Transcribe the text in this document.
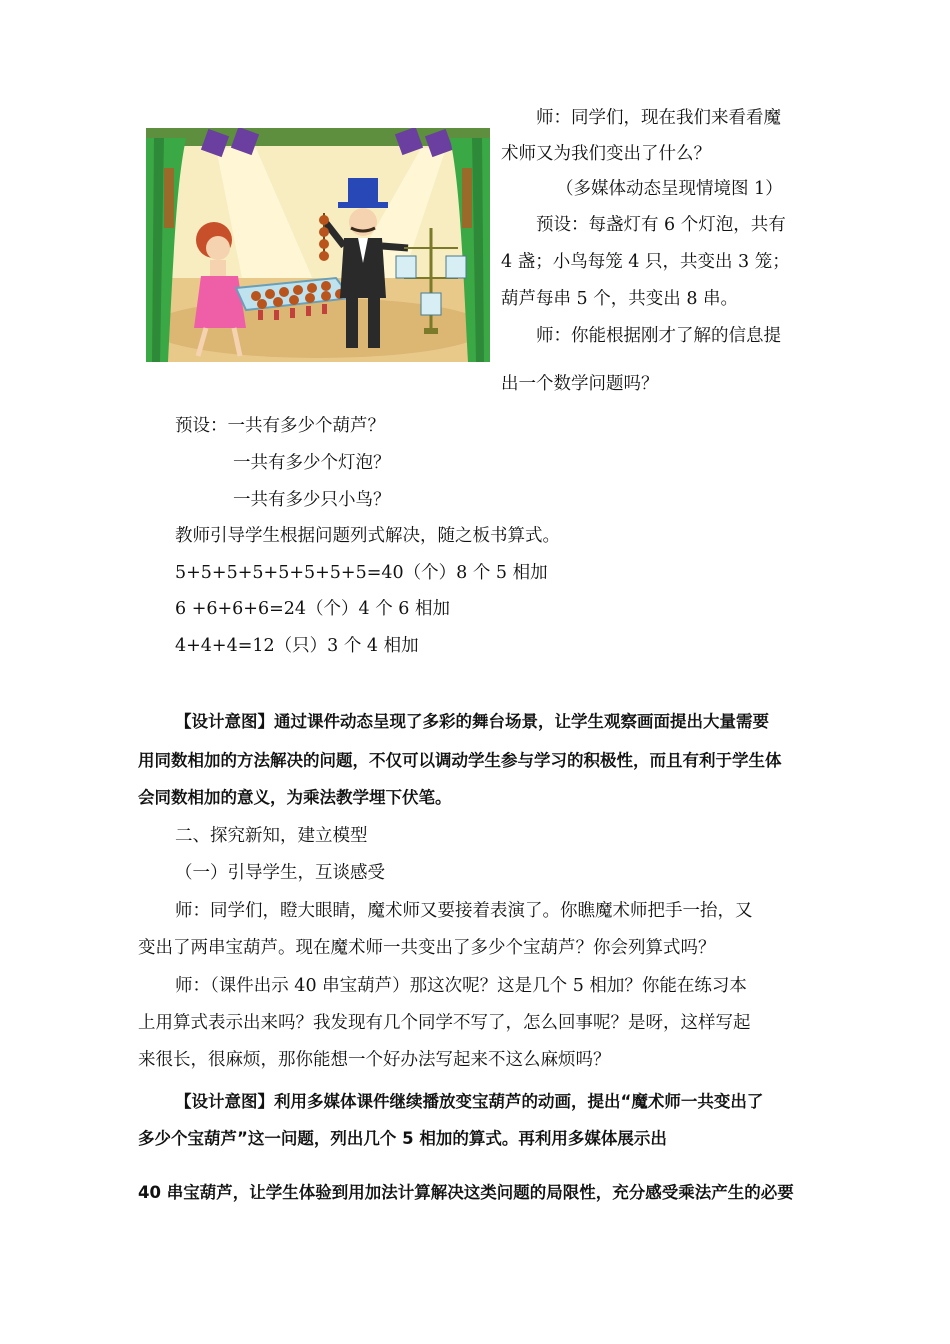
师：同学们，现在我们来看看魔
术师又为我们变出了什么？
（多媒体动态呈现情境图 1）
预设：每盏灯有 6 个灯泡，共有
4 盏；小鸟每笼 4 只，共变出 3 笼；
葫芦每串 5 个，共变出 8 串。
师：你能根据刚才了解的信息提
出一个数学问题吗？
预设：一共有多少个葫芦？
一共有多少个灯泡？
一共有多少只小鸟？
教师引导学生根据问题列式解决，随之板书算式。
5+5+5+5+5+5+5+5=40（个）8 个 5 相加
6 +6+6+6=24（个）4 个 6 相加
4+4+4=12（只）3 个 4 相加
【设计意图】通过课件动态呈现了多彩的舞台场景，让学生观察画面提出大量需要
用同数相加的方法解决的问题，不仅可以调动学生参与学习的积极性，而且有利于学生体
会同数相加的意义，为乘法教学埋下伏笔。
二、探究新知，建立模型
（一）引导学生，互谈感受
师：同学们，瞪大眼睛，魔术师又要接着表演了。你瞧魔术师把手一抬，又
变出了两串宝葫芦。现在魔术师一共变出了多少个宝葫芦？你会列算式吗？
师：（课件出示 40 串宝葫芦）那这次呢？这是几个 5 相加？你能在练习本
上用算式表示出来吗？我发现有几个同学不写了，怎么回事呢？是呀，这样写起
来很长，很麻烦，那你能想一个好办法写起来不这么麻烦吗？
【设计意图】利用多媒体课件继续播放变宝葫芦的动画，提出“魔术师一共变出了
多少个宝葫芦”这一问题，列出几个 5 相加的算式。再利用多媒体展示出
40 串宝葫芦，让学生体验到用加法计算解决这类问题的局限性，充分感受乘法产生的必要
